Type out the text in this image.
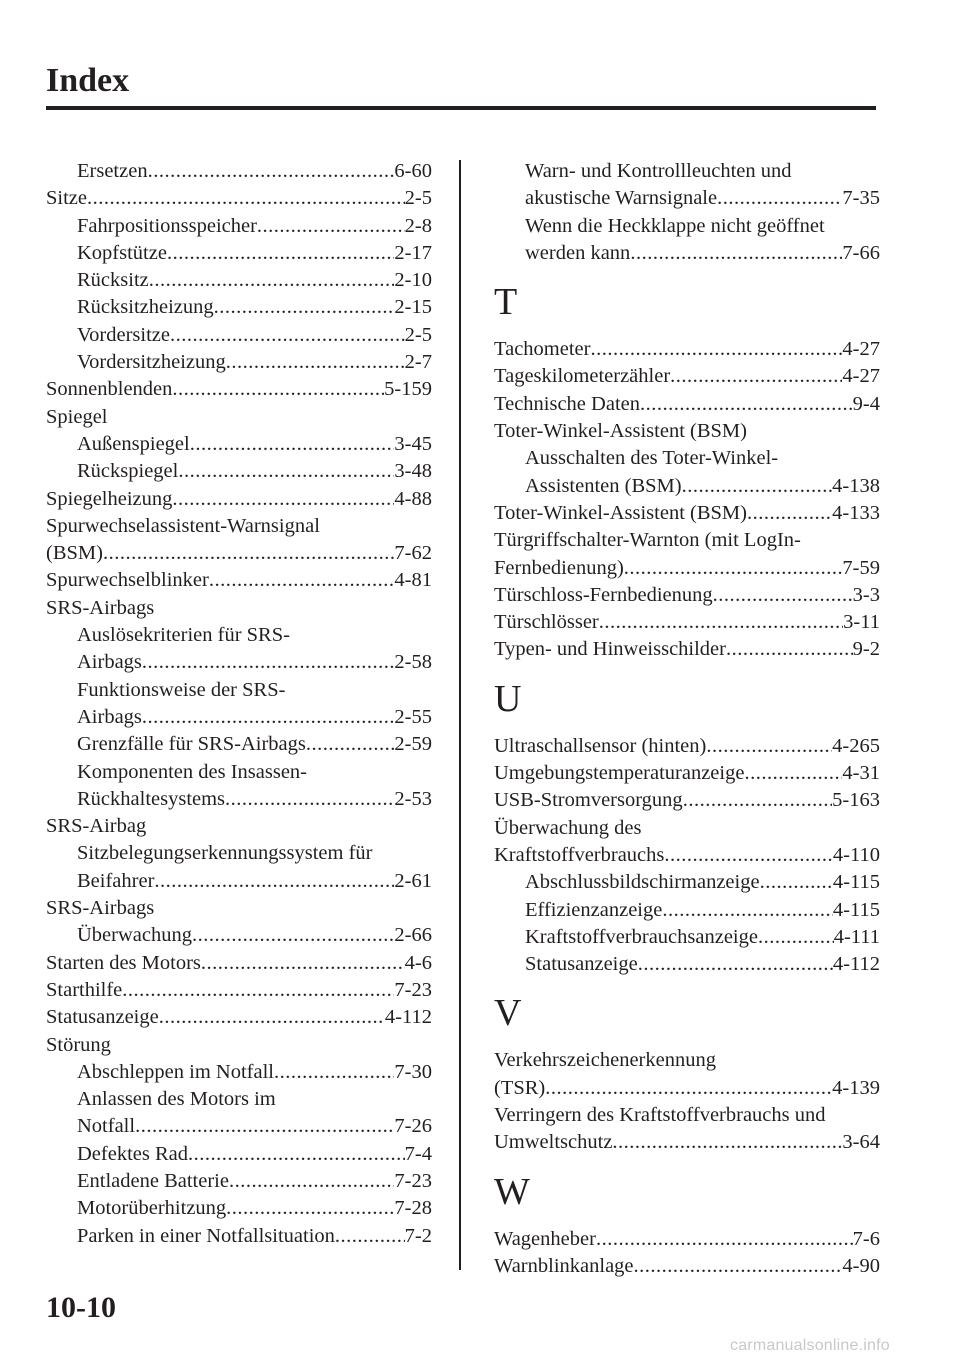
Index
Ersetzen .....	6-60
Sitze .....	2-5
Fahrpositionsspeicher .....	2-8
Kopfstütze .....	2-17
Rücksitz .....	2-10
Rücksitzheizung .....	2-15
Vordersitze .....	2-5
Vordersitzheizung .....	2-7
Sonnenblenden .....	5-159
Spiegel
Außenspiegel .....	3-45
Rückspiegel .....	3-48
Spiegelheizung .....	4-88
Spurwechselassistent-Warnsignal
(BSM) .....	7-62
Spurwechselblinker .....	4-81
SRS-Airbags
Auslösekriterien für SRS-
Airbags .....	2-58
Funktionsweise der SRS-
Airbags .....	2-55
Grenzfälle für SRS-Airbags .....	2-59
Komponenten des Insassen-
Rückhaltesystems .....	2-53
SRS-Airbag
Sitzbelegungserkennungssystem für
Beifahrer .....	2-61
SRS-Airbags
Überwachung .....	2-66
Starten des Motors .....	4-6
Starthilfe .....	7-23
Statusanzeige .....	4-112
Störung
Abschleppen im Notfall .....	7-30
Anlassen des Motors im
Notfall .....	7-26
Defektes Rad .....	7-4
Entladene Batterie .....	7-23
Motorüberhitzung .....	7-28
Parken in einer Notfallsituation .....	7-2
Warn- und Kontrollleuchten und
akustische Warnsignale .....	7-35
Wenn die Heckklappe nicht geöffnet
werden kann .....	7-66
T
Tachometer .....	4-27
Tageskilometerzähler .....	4-27
Technische Daten .....	9-4
Toter-Winkel-Assistent (BSM)
Ausschalten des Toter-Winkel-
Assistenten (BSM) .....	4-138
Toter-Winkel-Assistent (BSM) .....	4-133
Türgriffschalter-Warnton (mit LogIn-
Fernbedienung) .....	7-59
Türschloss-Fernbedienung .....	3-3
Türschlösser .....	3-11
Typen- und Hinweisschilder .....	9-2
U
Ultraschallsensor (hinten) .....	4-265
Umgebungstemperaturanzeige .....	4-31
USB-Stromversorgung .....	5-163
Überwachung des
Kraftstoffverbrauchs .....	4-110
Abschlussbildschirmanzeige .....	4-115
Effizienzanzeige .....	4-115
Kraftstoffverbrauchsanzeige .....	4-111
Statusanzeige .....	4-112
V
Verkehrszeichenerkennung
(TSR) .....	4-139
Verringern des Kraftstoffverbrauchs und
Umweltschutz .....	3-64
W
Wagenheber .....	7-6
Warnblinkanlage .....	4-90
10-10
carmanualsonline.info
